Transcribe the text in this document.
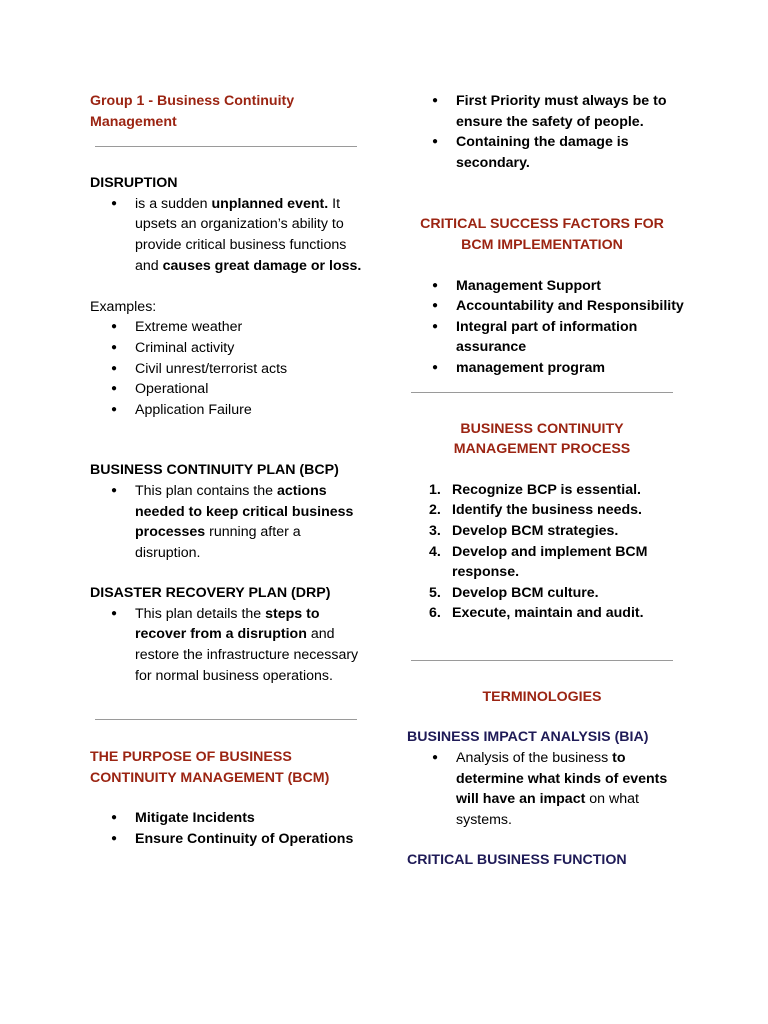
Group 1 - Business Continuity Management

DISRUPTION

● is a sudden unplanned event. It upsets an organization’s ability to provide critical business functions and causes great damage or loss.

Examples:

● Extreme weather
● Criminal activity
● Civil unrest/terrorist acts
● Operational
● Application Failure

BUSINESS CONTINUITY PLAN (BCP)

● This plan contains the actions needed to keep critical business processes running after a disruption.

DISASTER RECOVERY PLAN (DRP)

● This plan details the steps to recover from a disruption and restore the infrastructure necessary for normal business operations.

THE PURPOSE OF BUSINESS CONTINUITY MANAGEMENT (BCM)

● Mitigate Incidents
● Ensure Continuity of Operations
● First Priority must always be to ensure the safety of people.
● Containing the damage is secondary.

CRITICAL SUCCESS FACTORS FOR BCM IMPLEMENTATION

● Management Support
● Accountability and Responsibility
● Integral part of information assurance
● management program

BUSINESS CONTINUITY MANAGEMENT PROCESS

1. Recognize BCP is essential.
2. Identify the business needs.
3. Develop BCM strategies.
4. Develop and implement BCM response.
5. Develop BCM culture.
6. Execute, maintain and audit.

TERMINOLOGIES

BUSINESS IMPACT ANALYSIS (BIA)

● Analysis of the business to determine what kinds of events will have an impact on what systems.

CRITICAL BUSINESS FUNCTION
